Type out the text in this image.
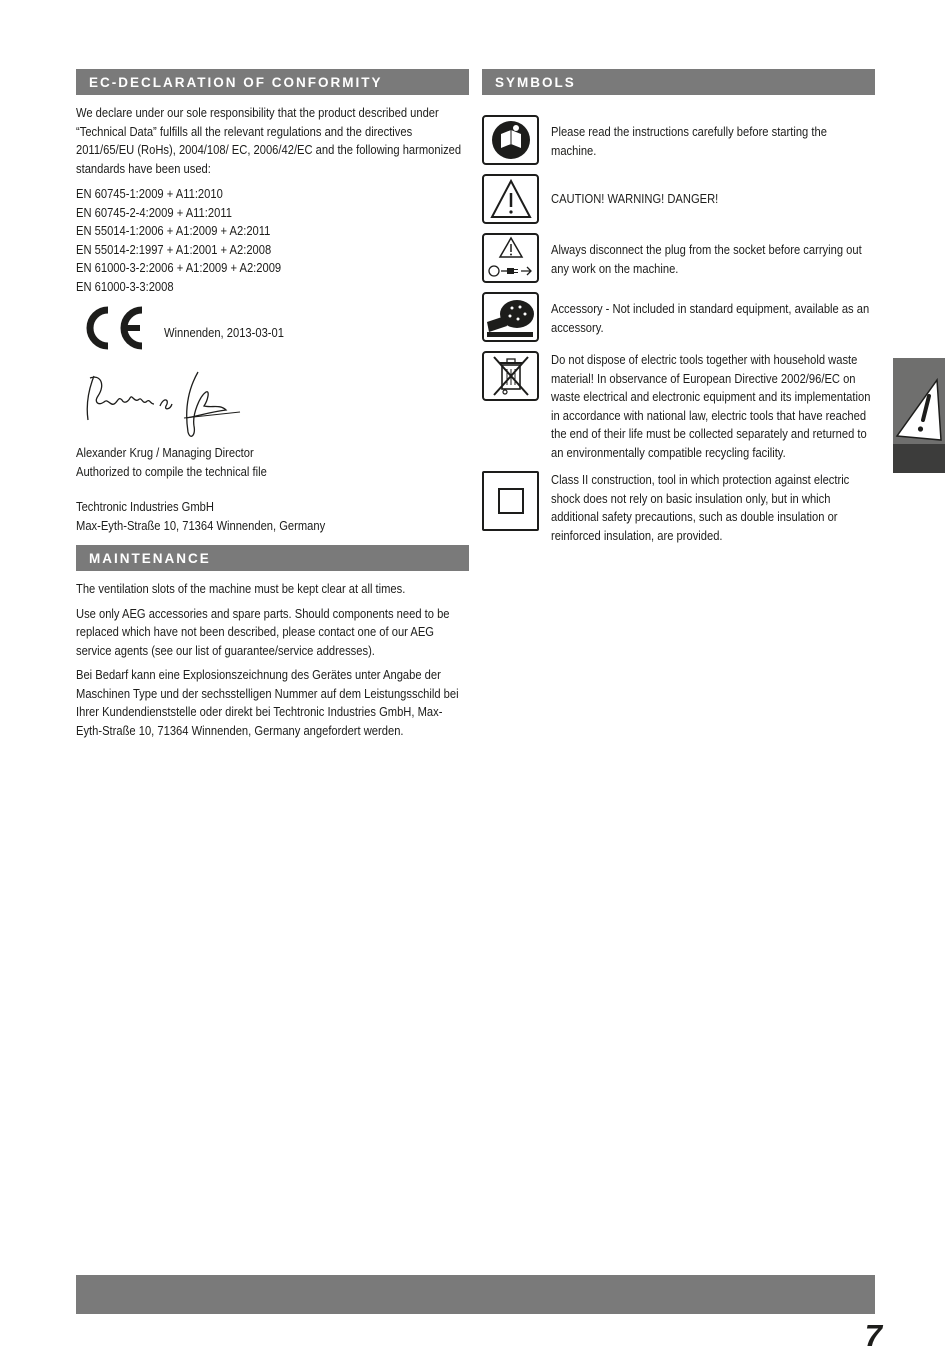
EC-DECLARATION OF CONFORMITY

We declare under our sole responsibility that the product described under “Technical Data” fulfills all the relevant regulations and the directives 2011/65/EU (RoHs), 2004/108/ EC, 2006/42/EC and the following harmonized standards have been used:

EN 60745-1:2009 + A11:2010

EN 60745-2-4:2009 + A11:2011

EN 55014-1:2006 + A1:2009 + A2:2011

EN 55014-2:1997 + A1:2001 + A2:2008

EN 61000-3-2:2006 + A1:2009 + A2:2009

EN 61000-3-3:2008

Winnenden, 2013-03-01

Alexander Krug / Managing Director

Authorized to compile the technical file

Techtronic Industries GmbH

Max-Eyth-Straße 10, 71364 Winnenden, Germany

MAINTENANCE

The ventilation slots of the machine must be kept clear at all times.

Use only AEG accessories and spare parts. Should components need to be replaced which have not been described, please contact one of our AEG service agents (see our list of guarantee/service addresses).

Bei Bedarf kann eine Explosionszeichnung des Gerätes unter Angabe der Maschinen Type und der sechsstelligen Nummer auf dem Leistungsschild bei Ihrer Kundendienststelle oder direkt bei Techtronic Industries GmbH, Max-Eyth-Straße 10, 71364 Winnenden, Germany angefordert werden.

SYMBOLS

Please read the instructions carefully before starting the machine.

CAUTION! WARNING! DANGER!

Always disconnect the plug from the socket before carrying out any work on the machine.

Accessory - Not included in standard equipment, available as an accessory.

Do not dispose of electric tools together with household waste material! In observance of European Directive 2002/96/EC on waste electrical and electronic equipment and its implementation in accordance with national law, electric tools that have reached the end of their life must be collected separately and returned to an environmentally compatible recycling facility.

Class II construction, tool in which protection against electric shock does not rely on basic insulation only, but in which additional safety precautions, such as double insulation or reinforced insulation, are provided.

7
